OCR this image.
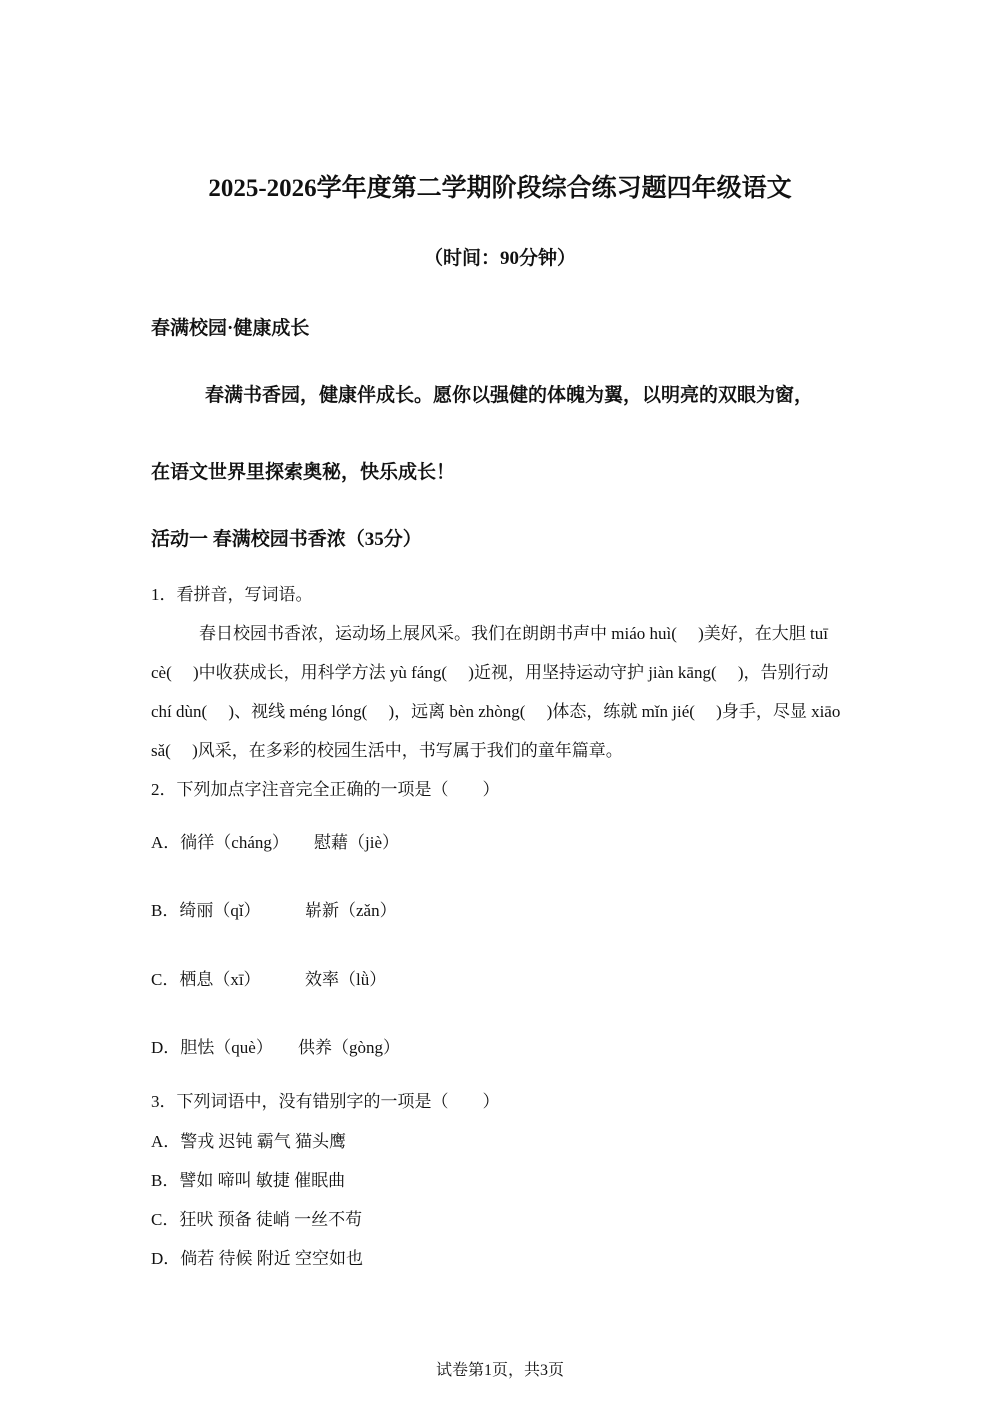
2025-2026学年度第二学期阶段综合练习题四年级语文
（时间：90分钟）
春满校园·健康成长
春满书香园，健康伴成长。愿你以强健的体魄为翼，以明亮的双眼为窗，
在语文世界里探索奥秘，快乐成长！
活动一 春满校园书香浓（35分）
1．看拼音，写词语。
春日校园书香浓，运动场上展风采。我们在朗朗书声中 miáo huì(　 )美好，在大胆 tuī
cè(　 )中收获成长，用科学方法 yù fáng(　 )近视，用坚持运动守护 jiàn kāng(　 )，告别行动
chí dùn(　 )、视线 méng lóng(　 )，远离 bèn zhòng(　 )体态，练就 mǐn jié(　 )身手，尽显 xiāo
sǎ(　 )风采，在多彩的校园生活中，书写属于我们的童年篇章。
2．下列加点字注音完全正确的一项是（　　）
A．徜徉（cháng） 慰藉（jiè）
B．绮丽（qǐ）	崭新（zǎn）
C．栖息（xī）	效率（lǜ）
D．胆怯（què） 供养（gòng）
3．下列词语中，没有错别字的一项是（　　）
A．警戎 迟钝 霸气 猫头鹰
B．譬如 啼叫 敏捷 催眠曲
C．狂吠 预备 徒峭 一丝不苟
D．倘若 待候 附近 空空如也
试卷第1页，共3页
